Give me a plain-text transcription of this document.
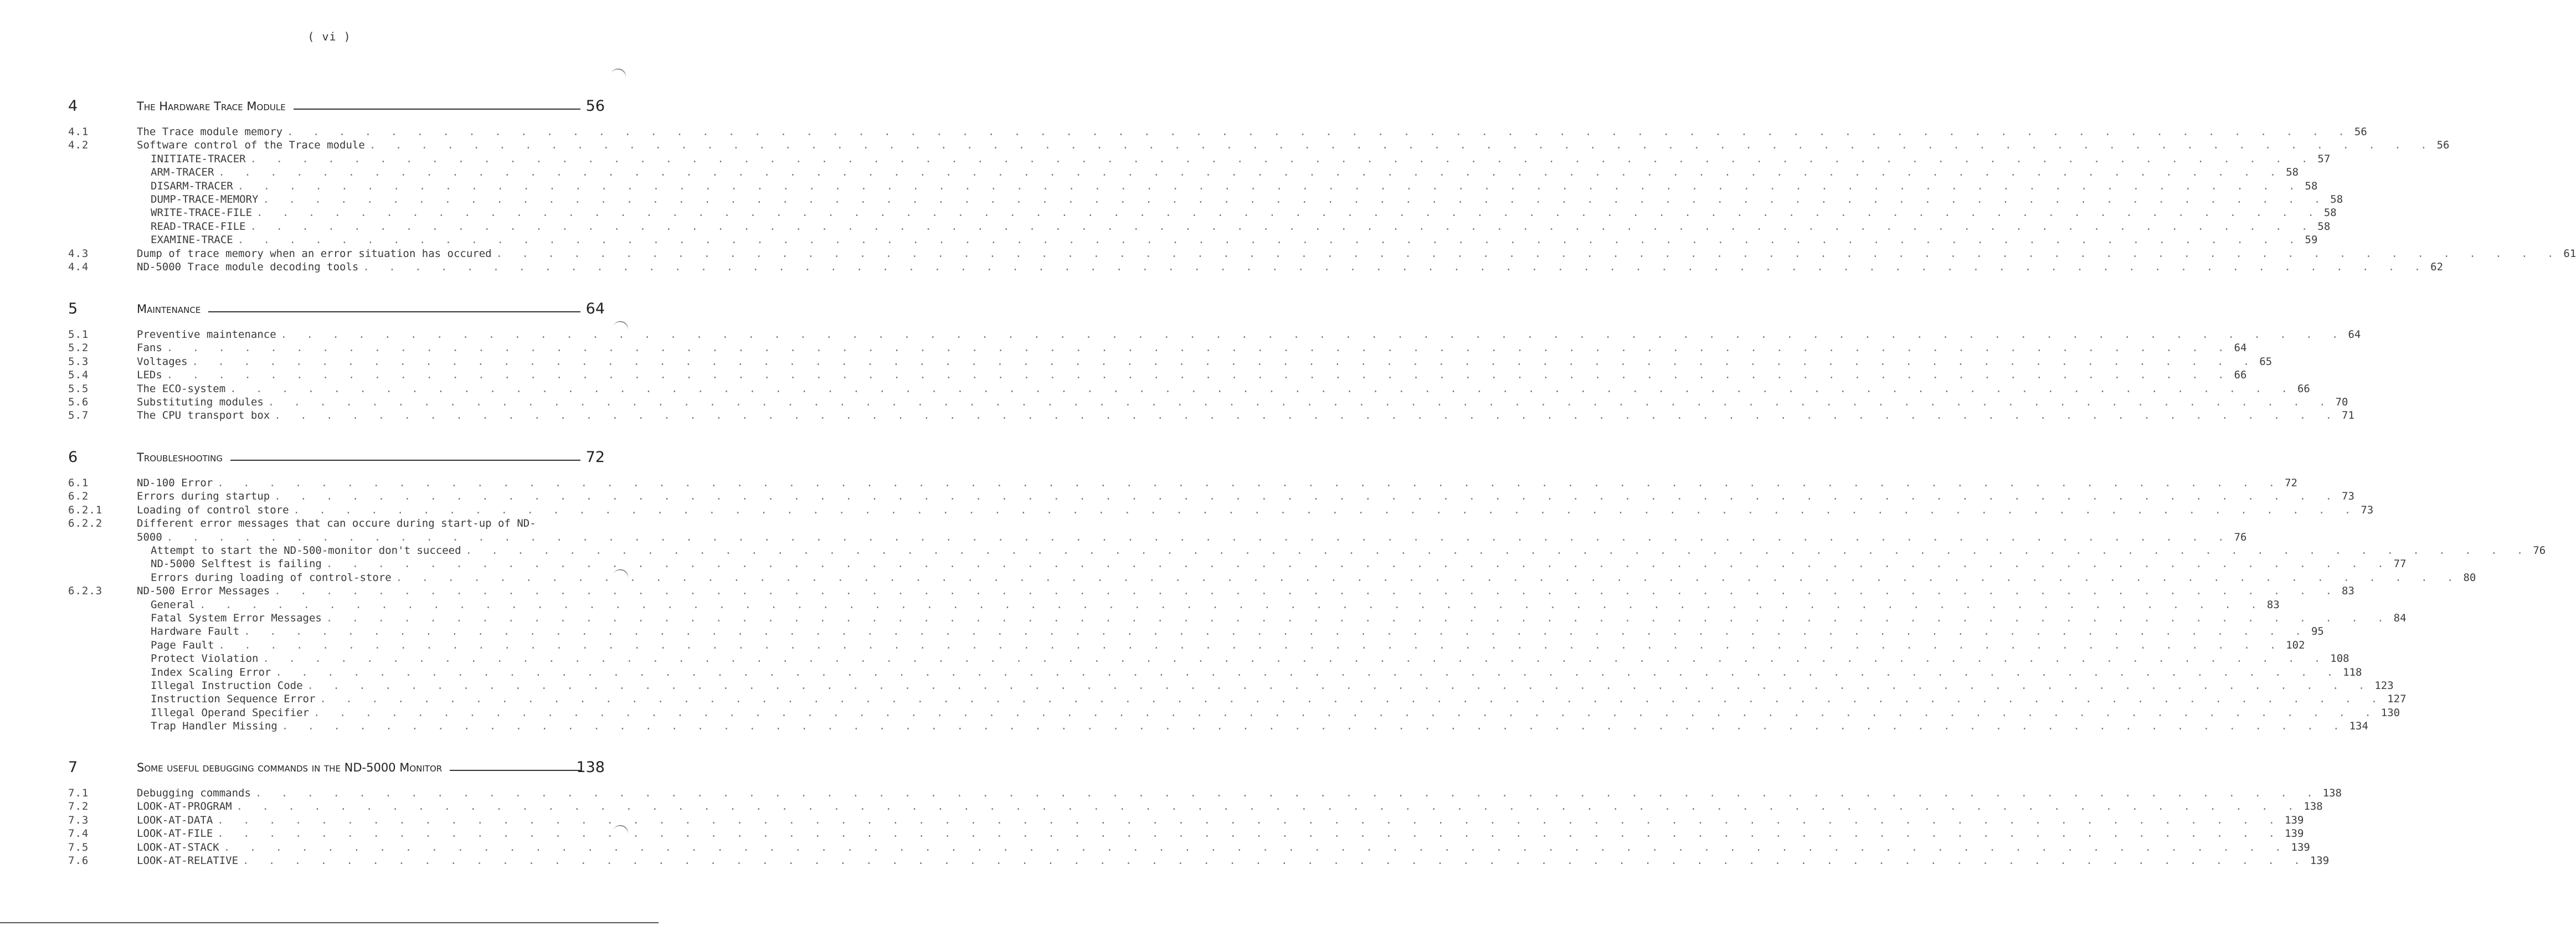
( vi )
4	The Hardware Trace Module	56
4.1	The Trace module memory . . . . . . . . . . . . . . . . . . . . . . . . . . . . . . . . . . . . . . . . . . . . . . . . . . . . . . . . . . . . . . . . . . . . . . . . . . . . . . . . 56
4.2	Software control of the Trace module . . . . . . . . . . . . . . . . . . . . . . . . . . . . . . . . . . . . . . . . . . . . . . . . . . . . . . . . . . . . . . . . . . . . . . . . . . . . . . . . 56
INITIATE-TRACER . . . . . . . . . . . . . . . . . . . . . . . . . . . . . . . . . . . . . . . . . . . . . . . . . . . . . . . . . . . . . . . . . . . . . . . . . . . . . . . . 57
ARM-TRACER . . . . . . . . . . . . . . . . . . . . . . . . . . . . . . . . . . . . . . . . . . . . . . . . . . . . . . . . . . . . . . . . . . . . . . . . . . . . . . . . 58
DISARM-TRACER . . . . . . . . . . . . . . . . . . . . . . . . . . . . . . . . . . . . . . . . . . . . . . . . . . . . . . . . . . . . . . . . . . . . . . . . . . . . . . . . 58
DUMP-TRACE-MEMORY . . . . . . . . . . . . . . . . . . . . . . . . . . . . . . . . . . . . . . . . . . . . . . . . . . . . . . . . . . . . . . . . . . . . . . . . . . . . . . . . 58
WRITE-TRACE-FILE . . . . . . . . . . . . . . . . . . . . . . . . . . . . . . . . . . . . . . . . . . . . . . . . . . . . . . . . . . . . . . . . . . . . . . . . . . . . . . . . 58
READ-TRACE-FILE . . . . . . . . . . . . . . . . . . . . . . . . . . . . . . . . . . . . . . . . . . . . . . . . . . . . . . . . . . . . . . . . . . . . . . . . . . . . . . . . 58
EXAMINE-TRACE . . . . . . . . . . . . . . . . . . . . . . . . . . . . . . . . . . . . . . . . . . . . . . . . . . . . . . . . . . . . . . . . . . . . . . . . . . . . . . . . 59
4.3	Dump of trace memory when an error situation has occured . . . . . . . . . . . . . . . . . . . . . . . . . . . . . . . . . . . . . . . . . . . . . . . . . . . . . . . . . . . . . . . . . . . . . . . . . . . . . . . . 61
4.4	ND-5000 Trace module decoding tools . . . . . . . . . . . . . . . . . . . . . . . . . . . . . . . . . . . . . . . . . . . . . . . . . . . . . . . . . . . . . . . . . . . . . . . . . . . . . . . . 62
5	Maintenance	64
5.1	Preventive maintenance . . . . . . . . . . . . . . . . . . . . . . . . . . . . . . . . . . . . . . . . . . . . . . . . . . . . . . . . . . . . . . . . . . . . . . . . . . . . . . . . 64
5.2	Fans . . . . . . . . . . . . . . . . . . . . . . . . . . . . . . . . . . . . . . . . . . . . . . . . . . . . . . . . . . . . . . . . . . . . . . . . . . . . . . . . 64
5.3	Voltages . . . . . . . . . . . . . . . . . . . . . . . . . . . . . . . . . . . . . . . . . . . . . . . . . . . . . . . . . . . . . . . . . . . . . . . . . . . . . . . . 65
5.4	LEDs . . . . . . . . . . . . . . . . . . . . . . . . . . . . . . . . . . . . . . . . . . . . . . . . . . . . . . . . . . . . . . . . . . . . . . . . . . . . . . . . 66
5.5	The ECO-system . . . . . . . . . . . . . . . . . . . . . . . . . . . . . . . . . . . . . . . . . . . . . . . . . . . . . . . . . . . . . . . . . . . . . . . . . . . . . . . . 66
5.6	Substituting modules . . . . . . . . . . . . . . . . . . . . . . . . . . . . . . . . . . . . . . . . . . . . . . . . . . . . . . . . . . . . . . . . . . . . . . . . . . . . . . . . 70
5.7	The CPU transport box . . . . . . . . . . . . . . . . . . . . . . . . . . . . . . . . . . . . . . . . . . . . . . . . . . . . . . . . . . . . . . . . . . . . . . . . . . . . . . . . 71
6	Troubleshooting	72
6.1	ND-100 Error . . . . . . . . . . . . . . . . . . . . . . . . . . . . . . . . . . . . . . . . . . . . . . . . . . . . . . . . . . . . . . . . . . . . . . . . . . . . . . . . 72
6.2	Errors during startup . . . . . . . . . . . . . . . . . . . . . . . . . . . . . . . . . . . . . . . . . . . . . . . . . . . . . . . . . . . . . . . . . . . . . . . . . . . . . . . . 73
6.2.1	Loading of control store . . . . . . . . . . . . . . . . . . . . . . . . . . . . . . . . . . . . . . . . . . . . . . . . . . . . . . . . . . . . . . . . . . . . . . . . . . . . . . . . 73
6.2.2	Different error messages that can occure during start-up of ND-
5000 . . . . . . . . . . . . . . . . . . . . . . . . . . . . . . . . . . . . . . . . . . . . . . . . . . . . . . . . . . . . . . . . . . . . . . . . . . . . . . . . 76
Attempt to start the ND-500-monitor don't succeed . . . . . . . . . . . . . . . . . . . . . . . . . . . . . . . . . . . . . . . . . . . . . . . . . . . . . . . . . . . . . . . . . . . . . . . . . . . . . . . . 76
ND-5000 Selftest is failing . . . . . . . . . . . . . . . . . . . . . . . . . . . . . . . . . . . . . . . . . . . . . . . . . . . . . . . . . . . . . . . . . . . . . . . . . . . . . . . . 77
Errors during loading of control-store . . . . . . . . . . . . . . . . . . . . . . . . . . . . . . . . . . . . . . . . . . . . . . . . . . . . . . . . . . . . . . . . . . . . . . . . . . . . . . . . 80
6.2.3	ND-500 Error Messages . . . . . . . . . . . . . . . . . . . . . . . . . . . . . . . . . . . . . . . . . . . . . . . . . . . . . . . . . . . . . . . . . . . . . . . . . . . . . . . . 83
General . . . . . . . . . . . . . . . . . . . . . . . . . . . . . . . . . . . . . . . . . . . . . . . . . . . . . . . . . . . . . . . . . . . . . . . . . . . . . . . . 83
Fatal System Error Messages . . . . . . . . . . . . . . . . . . . . . . . . . . . . . . . . . . . . . . . . . . . . . . . . . . . . . . . . . . . . . . . . . . . . . . . . . . . . . . . . 84
Hardware Fault . . . . . . . . . . . . . . . . . . . . . . . . . . . . . . . . . . . . . . . . . . . . . . . . . . . . . . . . . . . . . . . . . . . . . . . . . . . . . . . . 95
Page Fault . . . . . . . . . . . . . . . . . . . . . . . . . . . . . . . . . . . . . . . . . . . . . . . . . . . . . . . . . . . . . . . . . . . . . . . . . . . . . . . . 102
Protect Violation . . . . . . . . . . . . . . . . . . . . . . . . . . . . . . . . . . . . . . . . . . . . . . . . . . . . . . . . . . . . . . . . . . . . . . . . . . . . . . . . 108
Index Scaling Error . . . . . . . . . . . . . . . . . . . . . . . . . . . . . . . . . . . . . . . . . . . . . . . . . . . . . . . . . . . . . . . . . . . . . . . . . . . . . . . . 118
Illegal Instruction Code . . . . . . . . . . . . . . . . . . . . . . . . . . . . . . . . . . . . . . . . . . . . . . . . . . . . . . . . . . . . . . . . . . . . . . . . . . . . . . . . 123
Instruction Sequence Error . . . . . . . . . . . . . . . . . . . . . . . . . . . . . . . . . . . . . . . . . . . . . . . . . . . . . . . . . . . . . . . . . . . . . . . . . . . . . . . . 127
Illegal Operand Specifier . . . . . . . . . . . . . . . . . . . . . . . . . . . . . . . . . . . . . . . . . . . . . . . . . . . . . . . . . . . . . . . . . . . . . . . . . . . . . . . . 130
Trap Handler Missing . . . . . . . . . . . . . . . . . . . . . . . . . . . . . . . . . . . . . . . . . . . . . . . . . . . . . . . . . . . . . . . . . . . . . . . . . . . . . . . . 134
7	Some useful debugging commands in the ND-5000 Monitor	138
7.1	Debugging commands . . . . . . . . . . . . . . . . . . . . . . . . . . . . . . . . . . . . . . . . . . . . . . . . . . . . . . . . . . . . . . . . . . . . . . . . . . . . . . . . 138
7.2	LOOK-AT-PROGRAM . . . . . . . . . . . . . . . . . . . . . . . . . . . . . . . . . . . . . . . . . . . . . . . . . . . . . . . . . . . . . . . . . . . . . . . . . . . . . . . . 138
7.3	LOOK-AT-DATA . . . . . . . . . . . . . . . . . . . . . . . . . . . . . . . . . . . . . . . . . . . . . . . . . . . . . . . . . . . . . . . . . . . . . . . . . . . . . . . . 139
7.4	LOOK-AT-FILE . . . . . . . . . . . . . . . . . . . . . . . . . . . . . . . . . . . . . . . . . . . . . . . . . . . . . . . . . . . . . . . . . . . . . . . . . . . . . . . . 139
7.5	LOOK-AT-STACK . . . . . . . . . . . . . . . . . . . . . . . . . . . . . . . . . . . . . . . . . . . . . . . . . . . . . . . . . . . . . . . . . . . . . . . . . . . . . . . . 139
7.6	LOOK-AT-RELATIVE . . . . . . . . . . . . . . . . . . . . . . . . . . . . . . . . . . . . . . . . . . . . . . . . . . . . . . . . . . . . . . . . . . . . . . . . . . . . . . . . 139
